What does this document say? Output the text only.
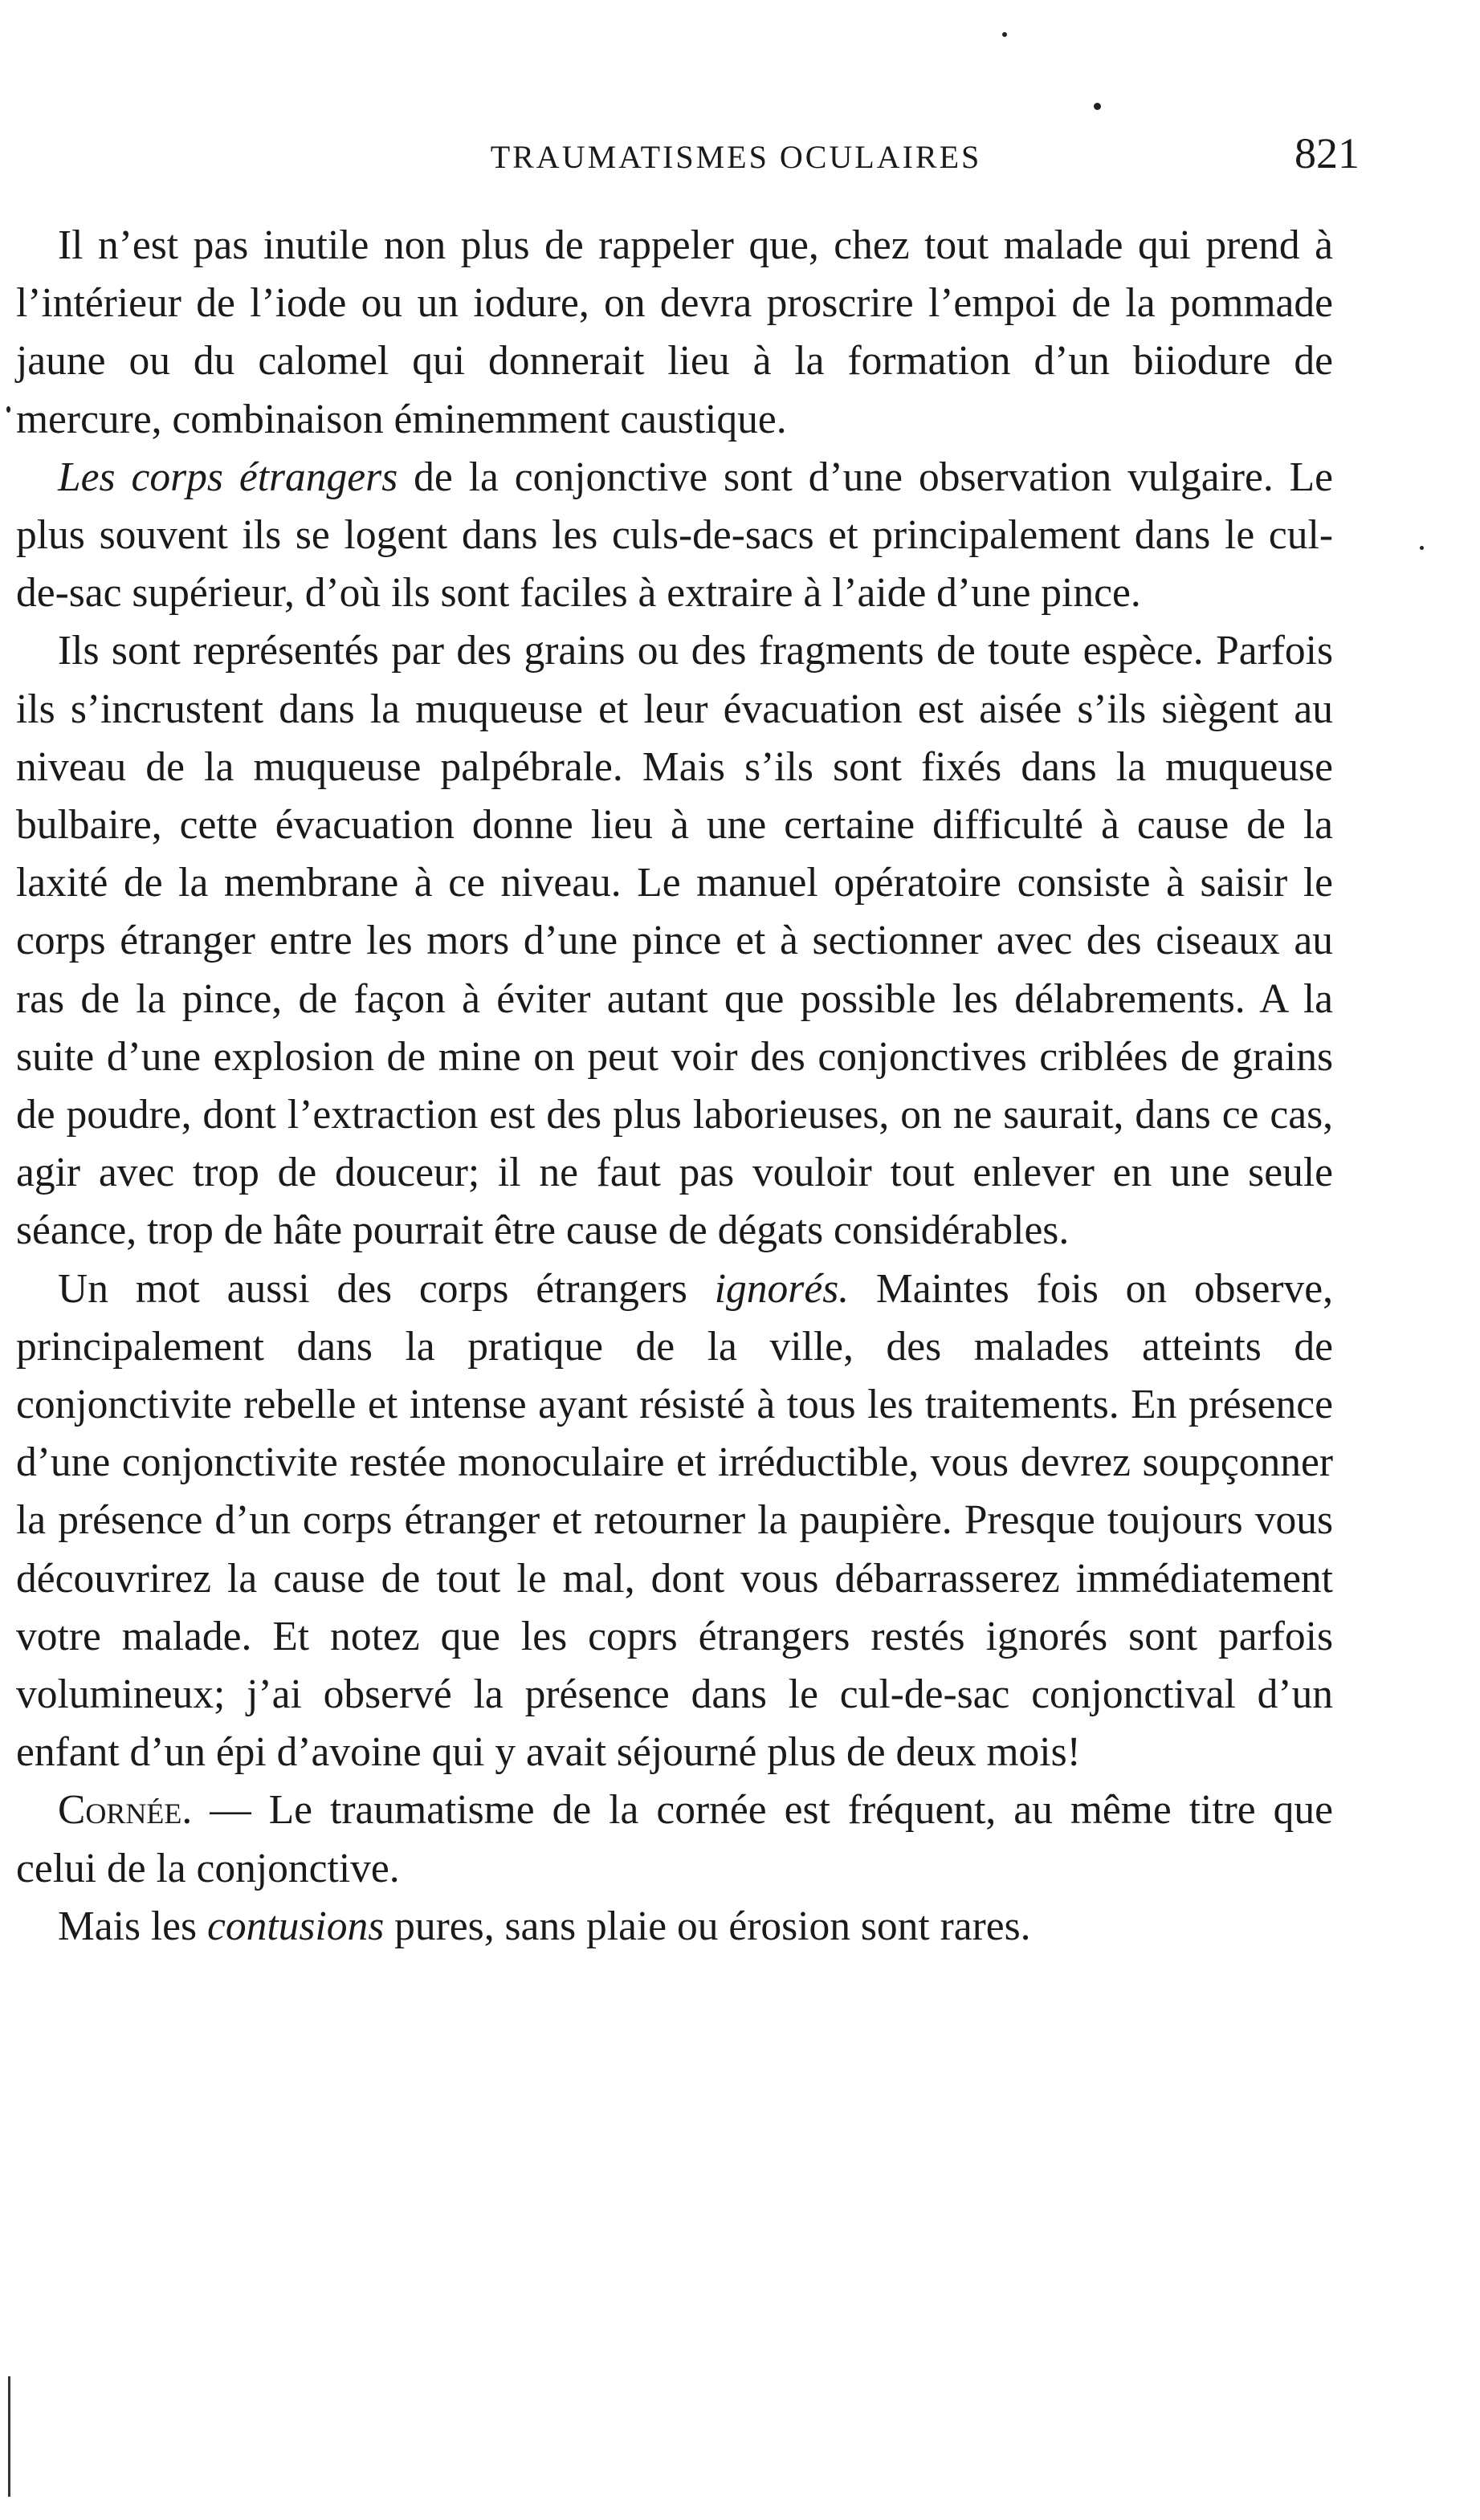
TRAUMATISMES OCULAIRES	821

Il n’est pas inutile non plus de rappeler que, chez tout malade qui prend à l’intérieur de l’iode ou un iodure, on devra proscrire l’empoi de la pommade jaune ou du calomel qui donnerait lieu à la formation d’un biiodure de mercure, combinaison éminemment caustique.

Les corps étrangers de la conjonctive sont d’une observation vulgaire. Le plus souvent ils se logent dans les culs-de-sacs et principalement dans le cul-de-sac supérieur, d’où ils sont faciles à extraire à l’aide d’une pince.

Ils sont représentés par des grains ou des fragments de toute espèce. Parfois ils s’incrustent dans la muqueuse et leur évacuation est aisée s’ils siègent au niveau de la muqueuse palpébrale. Mais s’ils sont fixés dans la muqueuse bulbaire, cette évacuation donne lieu à une certaine difficulté à cause de la laxité de la membrane à ce niveau. Le manuel opératoire consiste à saisir le corps étranger entre les mors d’une pince et à sectionner avec des ciseaux au ras de la pince, de façon à éviter autant que possible les délabrements. A la suite d’une explosion de mine on peut voir des conjonctives criblées de grains de poudre, dont l’extraction est des plus laborieuses, on ne saurait, dans ce cas, agir avec trop de douceur; il ne faut pas vouloir tout enlever en une seule séance, trop de hâte pourrait être cause de dégats considérables.

Un mot aussi des corps étrangers ignorés. Maintes fois on observe, principalement dans la pratique de la ville, des malades atteints de conjonctivite rebelle et intense ayant résisté à tous les traitements. En présence d’une conjonctivite restée monoculaire et irréductible, vous devrez soupçonner la présence d’un corps étranger et retourner la paupière. Presque toujours vous découvrirez la cause de tout le mal, dont vous débarrasserez immédiatement votre malade. Et notez que les coprs étrangers restés ignorés sont parfois volumineux; j’ai observé la présence dans le cul-de-sac conjonctival d’un enfant d’un épi d’avoine qui y avait séjourné plus de deux mois!

Cornée. — Le traumatisme de la cornée est fréquent, au même titre que celui de la conjonctive.

Mais les contusions pures, sans plaie ou érosion sont rares.
